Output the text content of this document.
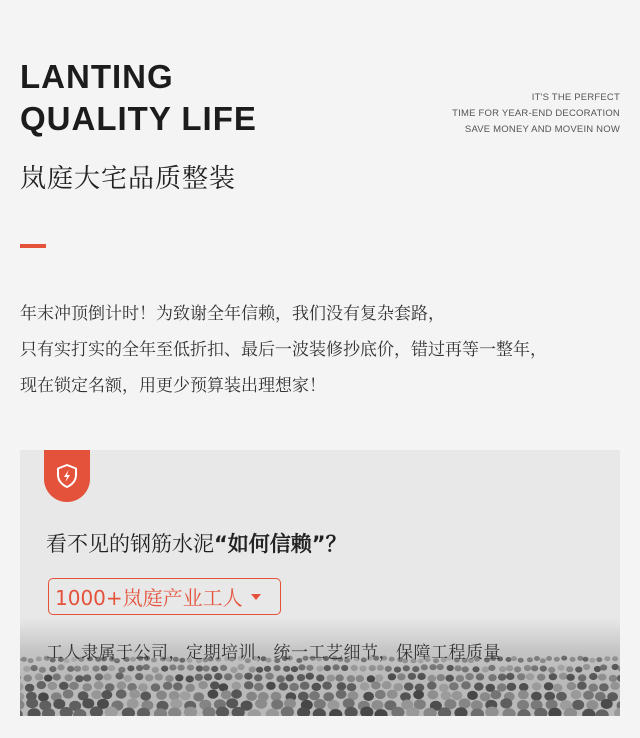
LANTING
QUALITY LIFE
IT'S THE PERFECT
TIME FOR YEAR-END DECORATION
SAVE MONEY AND MOVEIN NOW
岚庭大宅品质整装
年末冲顶倒计时！为致谢全年信赖，我们没有复杂套路，
只有实打实的全年至低折扣、最后一波装修抄底价，错过再等一整年，
现在锁定名额，用更少预算装出理想家！
看不见的钢筋水泥“如何信赖”？
1000+岚庭产业工人
工人隶属于公司，定期培训，统一工艺细节，保障工程质量
